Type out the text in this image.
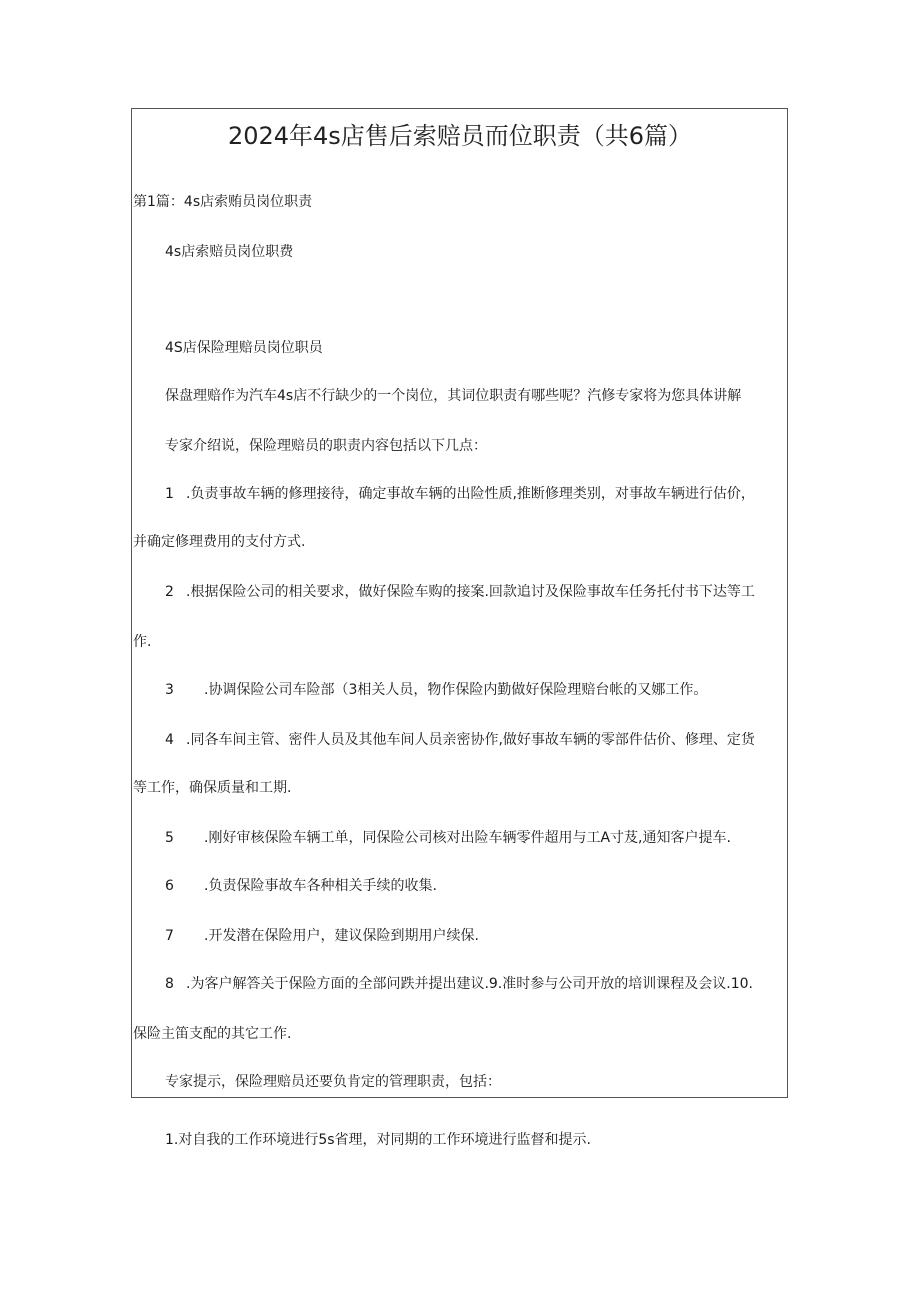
2024年4s店售后索赔员而位职责（共6篇）
第1篇：4s店索贿员岗位职责
4s店索赔员岗位职费
4S店保险理赔员岗位职员
保盘理赔作为汽车4s店不行缺少的一个岗位，其词位职责有哪些呢？汽修专家将为您具体讲解
专家介绍说，保险理赔员的职责内容包括以下几点：
1 .负责事故车辆的修理接待，确定事故车辆的出险性质,推断修理类别，对事故车辆进行估价，
并确定修理费用的支付方式.
2 .根据保险公司的相关要求，做好保险车购的接案.回款追讨及保险事故车任务托付书下达等工
作.
3 .协调保险公司车险部（3相关人员，物作保险内勤做好保险理赔台帐的又娜工作。
4 .同各车间主管、密件人员及其他车间人员亲密协作,做好事故车辆的零部件估价、修理、定货
等工作，确保质量和工期.
5 .刚好审核保险车辆工单，同保险公司核对出险车辆零件超用与工A寸芨,通知客户提车.
6 .负责保险事故车各种相关手续的收集.
7 .开发潜在保险用户，建议保险到期用户续保.
8 .为客户解答关于保险方面的全部问跌并提出建议.9.准时参与公司开放的培训课程及会议.10.
保险主笛支配的其它工作.
专家提示，保险理赔员还要负肯定的管理职责，包括：
1.对自我的工作环境进行5s省理，对同期的工作环境进行监督和提示.
